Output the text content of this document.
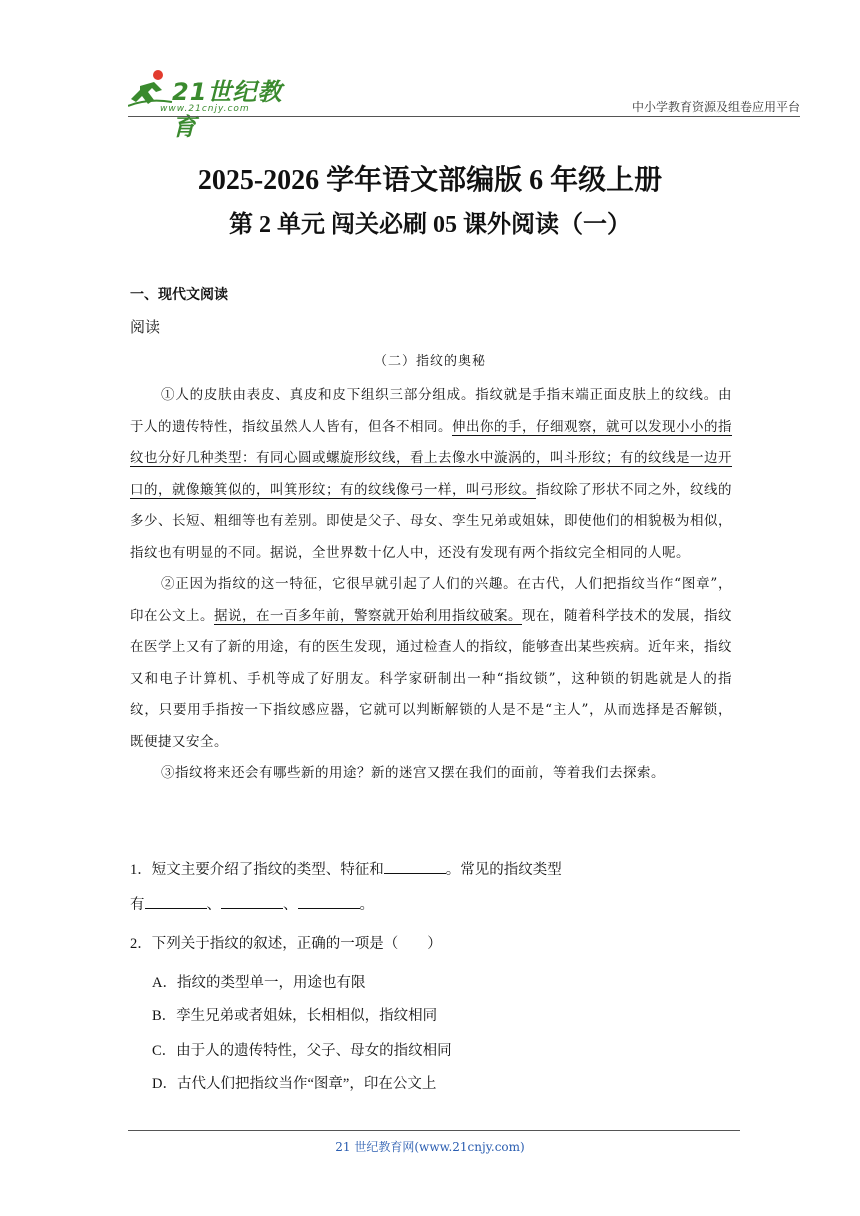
21世纪教育
www.21cnjy.com	中小学教育资源及组卷应用平台
2025-2026 学年语文部编版 6 年级上册
第 2 单元 闯关必刷 05 课外阅读（一）
一、现代文阅读
阅读
（二）指纹的奥秘

①人的皮肤由表皮、真皮和皮下组织三部分组成。指纹就是手指末端正面皮肤上的纹线。由于人的遗传特性，指纹虽然人人皆有，但各不相同。伸出你的手，仔细观察，就可以发现小小的指纹也分好几种类型：有同心圆或螺旋形纹线，看上去像水中漩涡的，叫斗形纹；有的纹线是一边开口的，就像簸箕似的，叫箕形纹；有的纹线像弓一样，叫弓形纹。指纹除了形状不同之外，纹线的多少、长短、粗细等也有差别。即使是父子、母女、孪生兄弟或姐妹，即使他们的相貌极为相似，指纹也有明显的不同。据说，全世界数十亿人中，还没有发现有两个指纹完全相同的人呢。

②正因为指纹的这一特征，它很早就引起了人们的兴趣。在古代，人们把指纹当作“图章”，印在公文上。据说，在一百多年前，警察就开始利用指纹破案。现在，随着科学技术的发展，指纹在医学上又有了新的用途，有的医生发现，通过检查人的指纹，能够查出某些疾病。近年来，指纹又和电子计算机、手机等成了好朋友。科学家研制出一种“指纹锁”，这种锁的钥匙就是人的指纹，只要用手指按一下指纹感应器，它就可以判断解锁的人是不是“主人”，从而选择是否解锁，既便捷又安全。

③指纹将来还会有哪些新的用途？新的迷宫又摆在我们的面前，等着我们去探索。

1．短文主要介绍了指纹的类型、特征和	。常见的指纹类型
有	、	、	。
2．下列关于指纹的叙述，正确的一项是（　　）
A．指纹的类型单一，用途也有限
B．孪生兄弟或者姐妹，长相相似，指纹相同
C．由于人的遗传特性，父子、母女的指纹相同
D．古代人们把指纹当作“图章”，印在公文上
21 世纪教育网(www.21cnjy.com)
